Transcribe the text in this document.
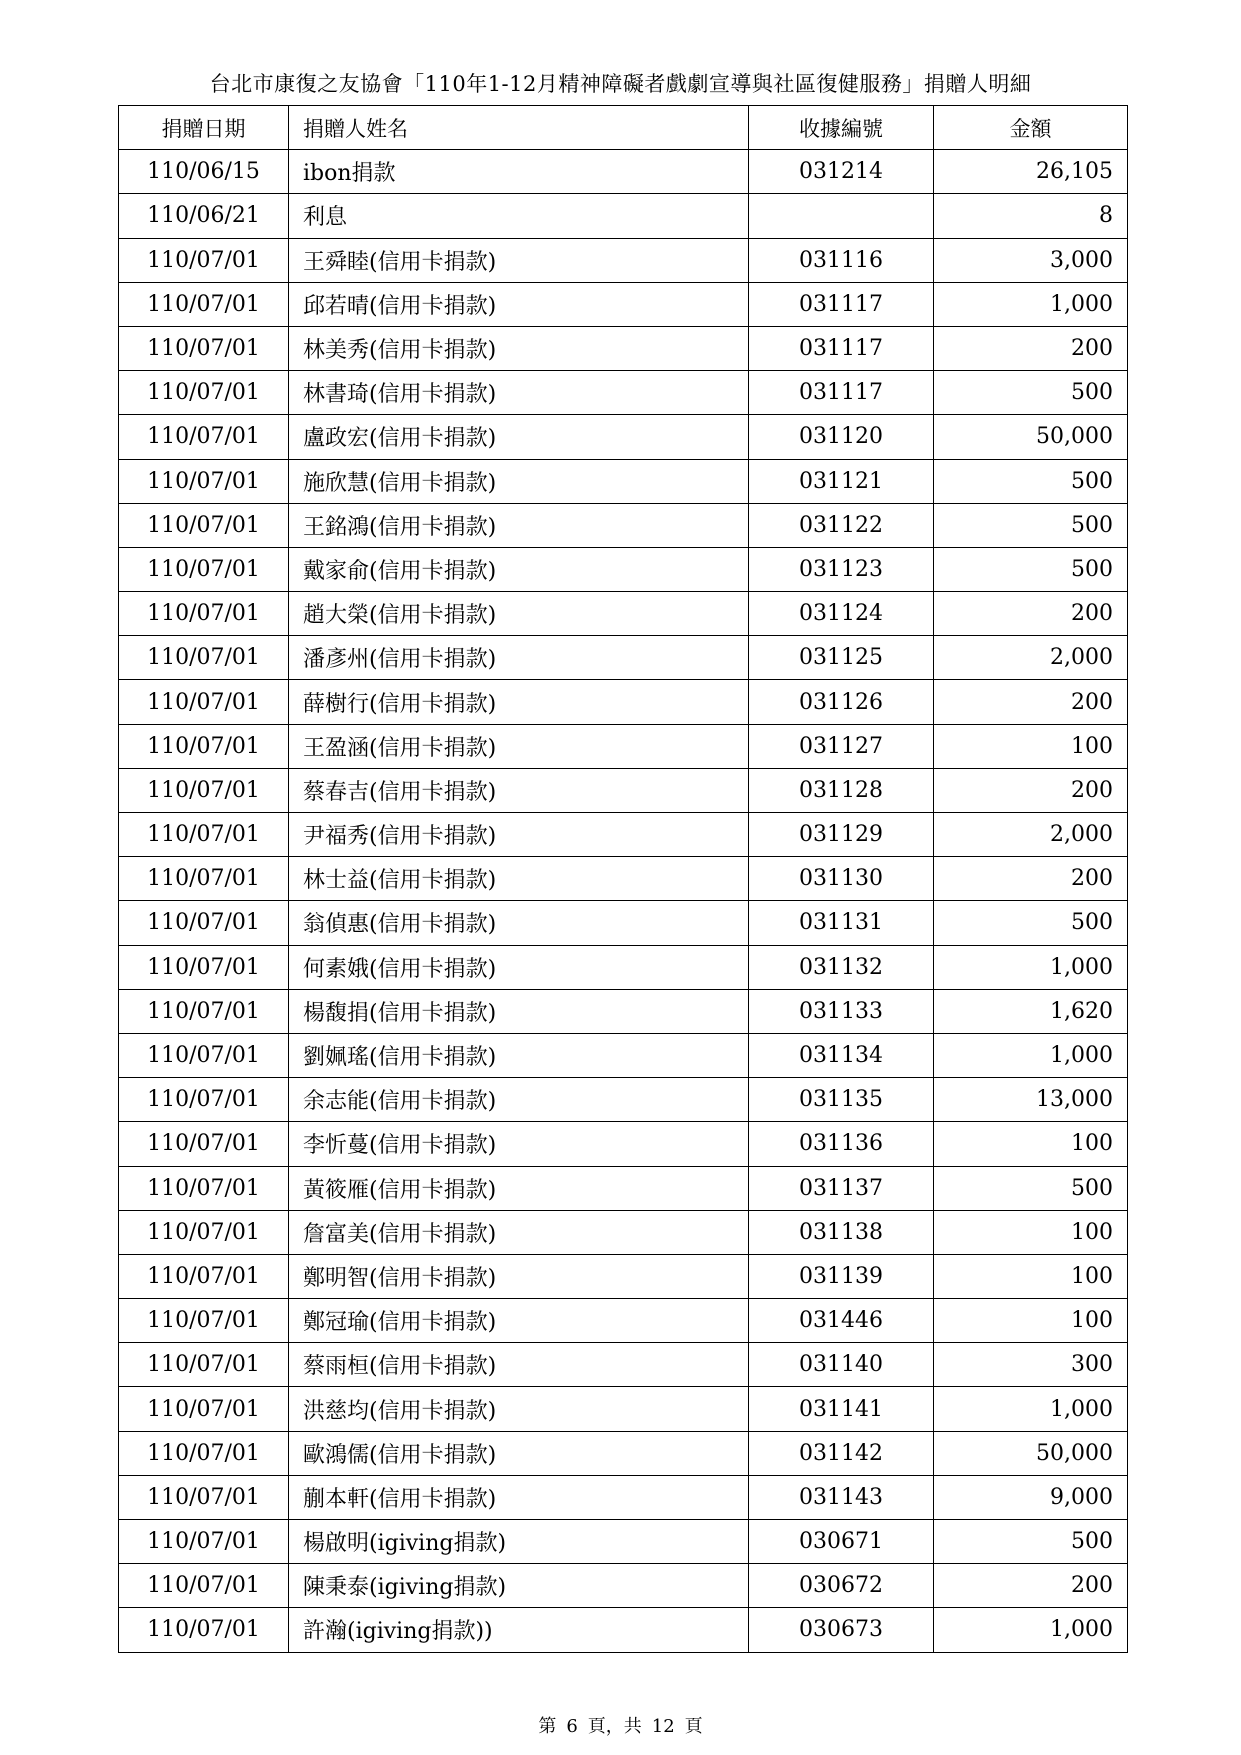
台北市康復之友協會「110年1-12月精神障礙者戲劇宣導與社區復健服務」捐贈人明細
捐贈日期	捐贈人姓名	收據編號	金額
110/06/15	ibon捐款	031214	26,105
110/06/21	利息		8
110/07/01	王舜睦(信用卡捐款)	031116	3,000
110/07/01	邱若晴(信用卡捐款)	031117	1,000
110/07/01	林美秀(信用卡捐款)	031117	200
110/07/01	林書琦(信用卡捐款)	031117	500
110/07/01	盧政宏(信用卡捐款)	031120	50,000
110/07/01	施欣慧(信用卡捐款)	031121	500
110/07/01	王銘鴻(信用卡捐款)	031122	500
110/07/01	戴家俞(信用卡捐款)	031123	500
110/07/01	趙大榮(信用卡捐款)	031124	200
110/07/01	潘彥州(信用卡捐款)	031125	2,000
110/07/01	薛樹行(信用卡捐款)	031126	200
110/07/01	王盈涵(信用卡捐款)	031127	100
110/07/01	蔡春吉(信用卡捐款)	031128	200
110/07/01	尹福秀(信用卡捐款)	031129	2,000
110/07/01	林士益(信用卡捐款)	031130	200
110/07/01	翁偵惠(信用卡捐款)	031131	500
110/07/01	何素娥(信用卡捐款)	031132	1,000
110/07/01	楊馥捐(信用卡捐款)	031133	1,620
110/07/01	劉姵瑤(信用卡捐款)	031134	1,000
110/07/01	余志能(信用卡捐款)	031135	13,000
110/07/01	李忻蔓(信用卡捐款)	031136	100
110/07/01	黃筱雁(信用卡捐款)	031137	500
110/07/01	詹富美(信用卡捐款)	031138	100
110/07/01	鄭明智(信用卡捐款)	031139	100
110/07/01	鄭冠瑜(信用卡捐款)	031446	100
110/07/01	蔡雨桓(信用卡捐款)	031140	300
110/07/01	洪慈均(信用卡捐款)	031141	1,000
110/07/01	歐鴻儒(信用卡捐款)	031142	50,000
110/07/01	蒯本軒(信用卡捐款)	031143	9,000
110/07/01	楊啟明(igiving捐款)	030671	500
110/07/01	陳秉泰(igiving捐款)	030672	200
110/07/01	許瀚(igiving捐款))	030673	1,000
第 6 頁，共 12 頁
